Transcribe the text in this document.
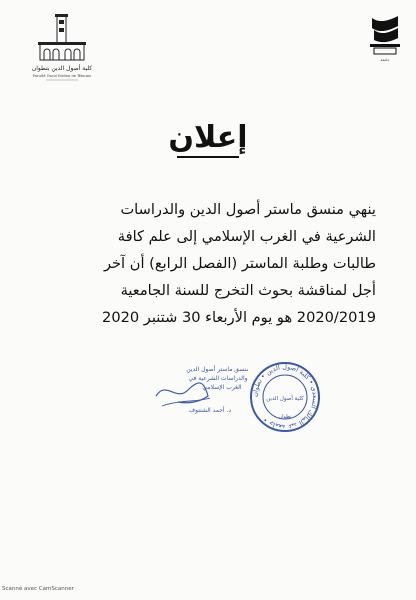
كلية أصول الدين بتطوان
Faculté Osoul Eddine de Tétouan
جامعة
إعلان
ينهي منسق ماستر أصول الدين والدراسات
الشرعية في الغرب الإسلامي إلى علم كافة
طالبات وطلبة الماستر (الفصل الرابع) أن آخر
أجل لمناقشة بحوث التخرج للسنة الجامعية
2020/2019 هو يوم الأربعاء 30 شتنبر 2020
منسق ماستر أصول الدين
والدراسات الشرعية في
الغرب الإسلامي
د. أحمد الشنتوف
جامعة عبد المالك السعدي • كلية أصول الدين • تطوان •
كلية أصول الدين
تطوان
Scanné avec CamScanner
